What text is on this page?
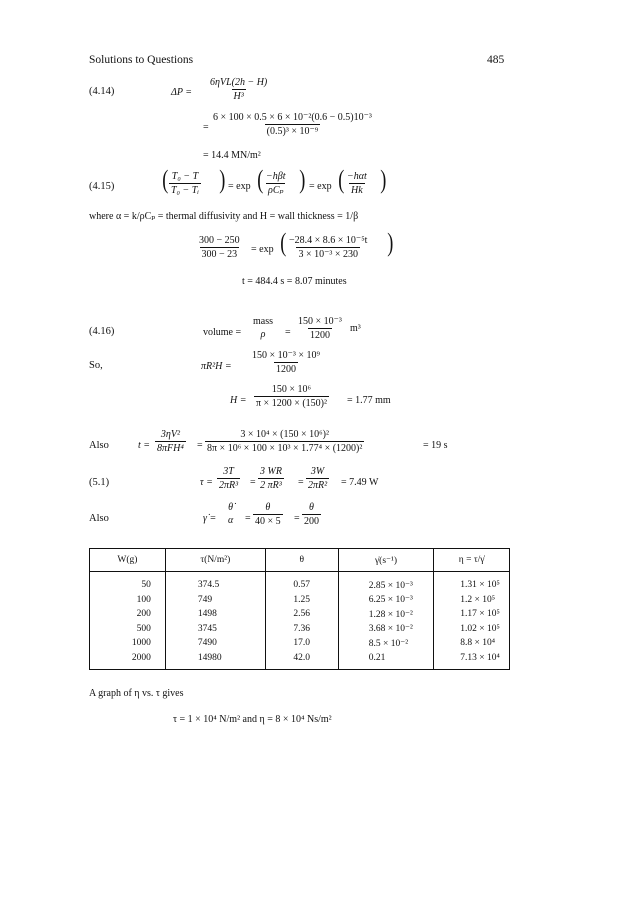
Solutions to Questions	485
(4.14)	ΔP =
6ηVL(2h − H)
H³
= $\frac{\text{6 × 100 × 0.5 × 6 × 10⁻²(0.6 − 0.5)10⁻³}}{\text{(0.5)³ × 10⁻⁹}}$
= 14.4 MN/m²
(4.15) ( $\frac{\text{T₀ − T}}{\text{T₀ − Tᵢ}}$ ) = exp ( −hβt
ρCₚ ) = exp ( −hαt
Hk )
where α = k/ρCₚ = thermal diffusivity and H = wall thickness = 1/β
$\frac{300 - 250}{300 - 23} = \exp$ ( $\frac{\text{−28.4 × 8.6 × 10⁻⁵t}}{\text{3 × 10⁻³ × 230}}$ )
t = 484.4 s = 8.07 minutes
(4.16)	volume =
mass
$\rho = \frac{\text{150 × 10⁻³}}{1200} m^3$
So,	$\pi R^2H = \frac{\text{150 × 10⁻³ × 10⁹}}{1200}$
$H = \frac{\text{150 × 10⁶}}{\text{π × 1200 × (150)²}} = 1.77$ mm
Also	t =
3ηV²
$8\pi FH^4 = \frac{\text{3 × 10⁴ × (150 × 10⁶)²}}{\text{8π × 10⁶ × 100 × 10³ × 1.77⁴ × (1200)²}}$	= 19 s
(5.1)	$\tau = \frac{3T}{\text{2πR³}} = \frac{3 WR}{\text{2 πR³}} = \frac{3W}{\text{2πR²}} = 7.49$ W
Also	γ̇ =
θ̇
$\alpha = \frac{\theta}{40 \times 5} = \frac{\theta}{200}$
W(g)	τ(N/m²)	θ	γ̇(s⁻¹)	η = τ/γ̇
50	374.5	0.57	2.85 × 10⁻³	1.31 × 10⁵
100	749	1.25	6.25 × 10⁻³	1.2 × 10⁵
200	1498	2.56	1.28 × 10⁻²	1.17 × 10⁵
500	3745	7.36	3.68 × 10⁻²	1.02 × 10⁵
1000	7490	17.0	8.5 × 10⁻²	8.8 × 10⁴
2000	14980	42.0	0.21	7.13 × 10⁴
A graph of η vs. τ gives
τ = 1 × 10⁴ N/m² and η = 8 × 10⁴ Ns/m²
